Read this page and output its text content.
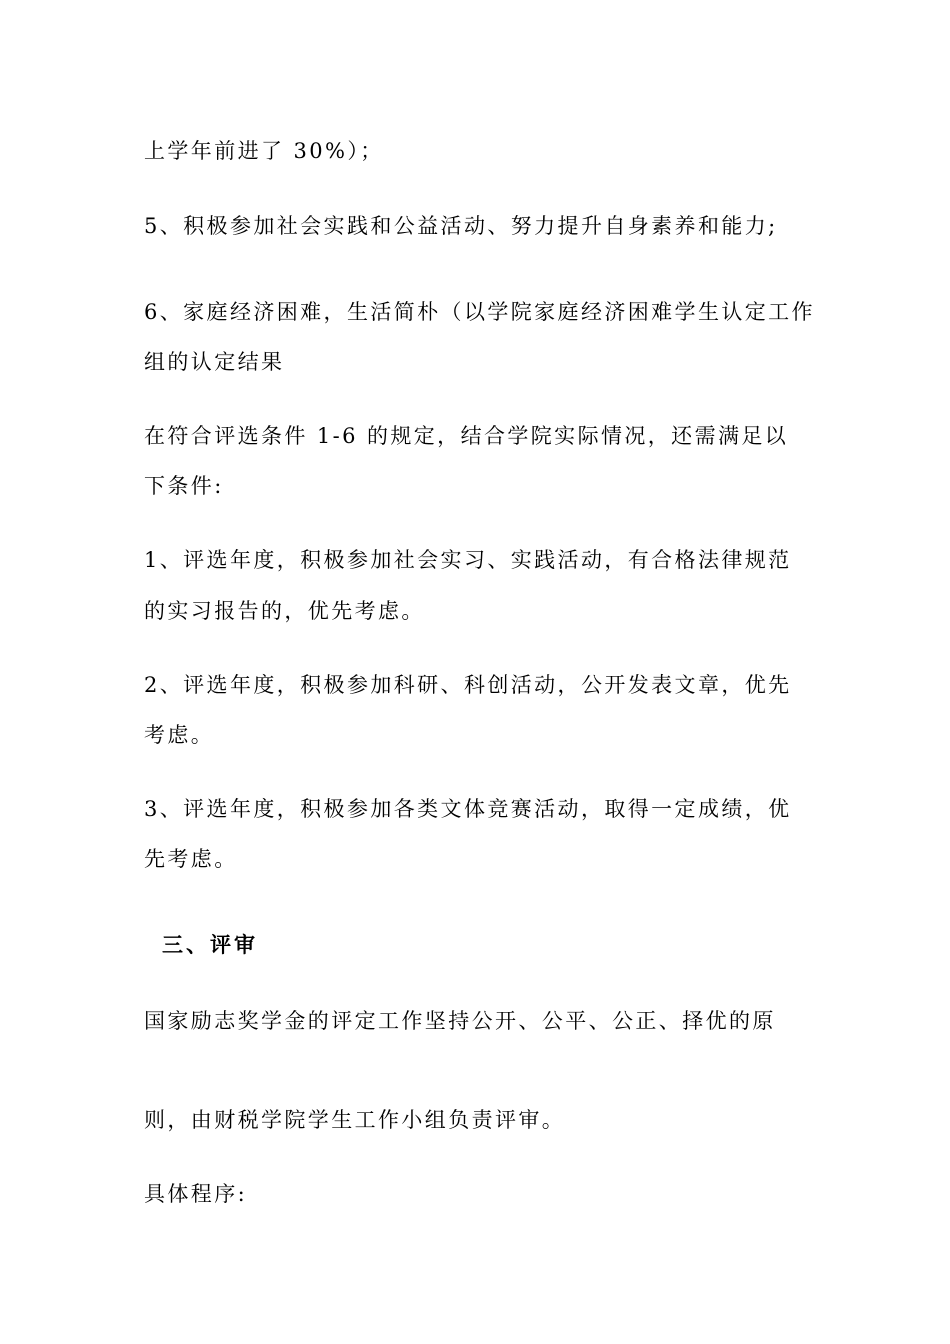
上学年前进了 30%）；
5、积极参加社会实践和公益活动、努力提升自身素养和能力;
6、家庭经济困难，生活简朴（以学院家庭经济困难学生认定工作
组的认定结果
在符合评选条件 1-6 的规定，结合学院实际情况，还需满足以
下条件:
1、评选年度，积极参加社会实习、实践活动，有合格法律规范
的实习报告的，优先考虑。
2、评选年度，积极参加科研、科创活动，公开发表文章，优先
考虑。
3、评选年度，积极参加各类文体竞赛活动，取得一定成绩，优
先考虑。
三、评审
国家励志奖学金的评定工作坚持公开、公平、公正、择优的原
则，由财税学院学生工作小组负责评审。
具体程序:
